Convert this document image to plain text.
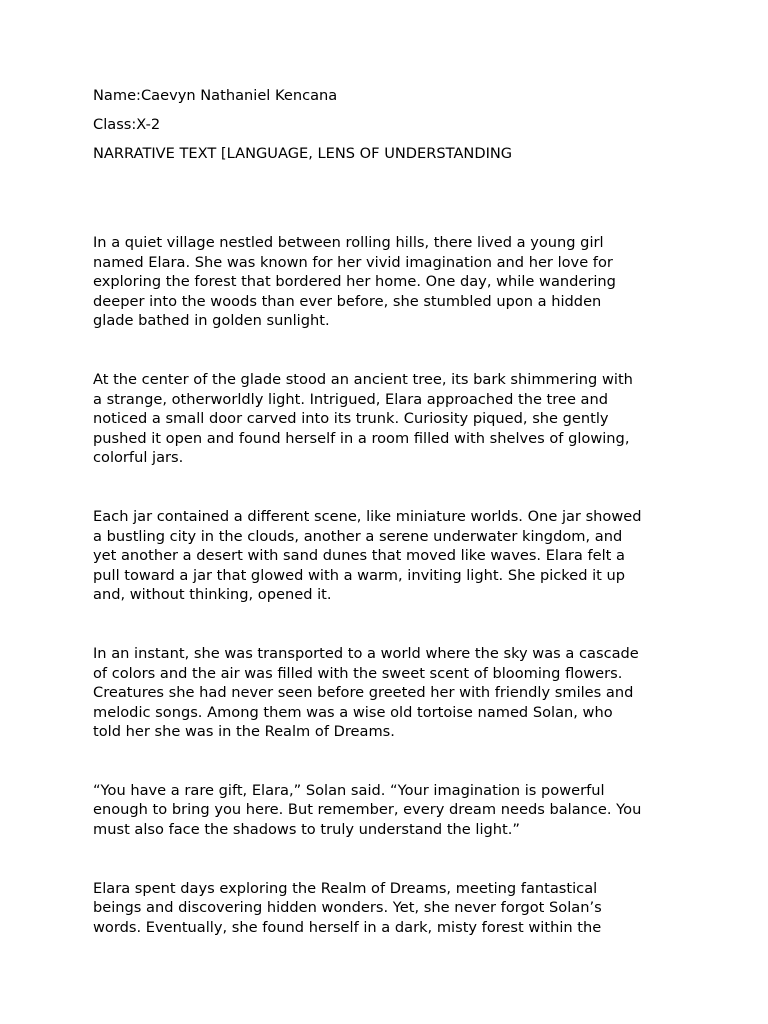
Name:Caevyn Nathaniel Kencana
Class:X-2
NARRATIVE TEXT [LANGUAGE, LENS OF UNDERSTANDING

In a quiet village nestled between rolling hills, there lived a young girl
named Elara. She was known for her vivid imagination and her love for
exploring the forest that bordered her home. One day, while wandering
deeper into the woods than ever before, she stumbled upon a hidden
glade bathed in golden sunlight.

At the center of the glade stood an ancient tree, its bark shimmering with
a strange, otherworldly light. Intrigued, Elara approached the tree and
noticed a small door carved into its trunk. Curiosity piqued, she gently
pushed it open and found herself in a room filled with shelves of glowing,
colorful jars.

Each jar contained a different scene, like miniature worlds. One jar showed
a bustling city in the clouds, another a serene underwater kingdom, and
yet another a desert with sand dunes that moved like waves. Elara felt a
pull toward a jar that glowed with a warm, inviting light. She picked it up
and, without thinking, opened it.

In an instant, she was transported to a world where the sky was a cascade
of colors and the air was filled with the sweet scent of blooming flowers.
Creatures she had never seen before greeted her with friendly smiles and
melodic songs. Among them was a wise old tortoise named Solan, who
told her she was in the Realm of Dreams.

“You have a rare gift, Elara,” Solan said. “Your imagination is powerful
enough to bring you here. But remember, every dream needs balance. You
must also face the shadows to truly understand the light.”

Elara spent days exploring the Realm of Dreams, meeting fantastical
beings and discovering hidden wonders. Yet, she never forgot Solan’s
words. Eventually, she found herself in a dark, misty forest within the
